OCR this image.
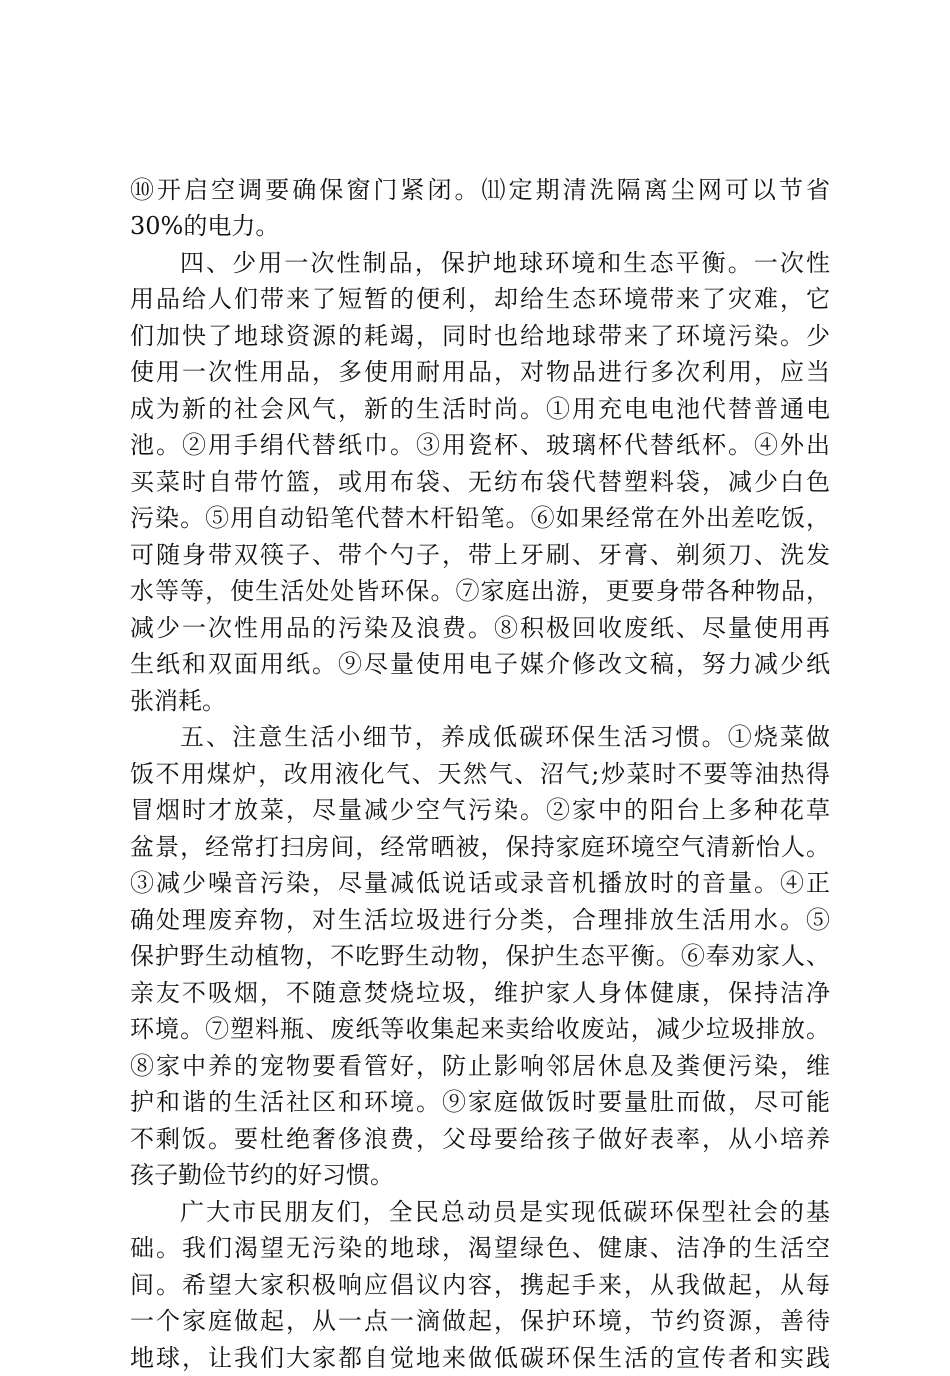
⑩开启空调要确保窗门紧闭。⑾定期清洗隔离尘网可以节省
30%的电力。
四、少用一次性制品，保护地球环境和生态平衡。一次性
用品给人们带来了短暂的便利，却给生态环境带来了灾难，它
们加快了地球资源的耗竭，同时也给地球带来了环境污染。少
使用一次性用品，多使用耐用品，对物品进行多次利用，应当
成为新的社会风气，新的生活时尚。①用充电电池代替普通电
池。②用手绢代替纸巾。③用瓷杯、玻璃杯代替纸杯。④外出
买菜时自带竹篮，或用布袋、无纺布袋代替塑料袋，减少白色
污染。⑤用自动铅笔代替木杆铅笔。⑥如果经常在外出差吃饭，
可随身带双筷子、带个勺子，带上牙刷、牙膏、剃须刀、洗发
水等等，使生活处处皆环保。⑦家庭出游，更要身带各种物品，
减少一次性用品的污染及浪费。⑧积极回收废纸、尽量使用再
生纸和双面用纸。⑨尽量使用电子媒介修改文稿，努力减少纸
张消耗。
五、注意生活小细节，养成低碳环保生活习惯。①烧菜做
饭不用煤炉，改用液化气、天然气、沼气;炒菜时不要等油热得
冒烟时才放菜，尽量减少空气污染。②家中的阳台上多种花草
盆景，经常打扫房间，经常晒被，保持家庭环境空气清新怡人。
③减少噪音污染，尽量减低说话或录音机播放时的音量。④正
确处理废弃物，对生活垃圾进行分类，合理排放生活用水。⑤
保护野生动植物，不吃野生动物，保护生态平衡。⑥奉劝家人、
亲友不吸烟，不随意焚烧垃圾，维护家人身体健康，保持洁净
环境。⑦塑料瓶、废纸等收集起来卖给收废站，减少垃圾排放。
⑧家中养的宠物要看管好，防止影响邻居休息及粪便污染，维
护和谐的生活社区和环境。⑨家庭做饭时要量肚而做，尽可能
不剩饭。要杜绝奢侈浪费，父母要给孩子做好表率，从小培养
孩子勤俭节约的好习惯。
广大市民朋友们，全民总动员是实现低碳环保型社会的基
础。我们渴望无污染的地球，渴望绿色、健康、洁净的生活空
间。希望大家积极响应倡议内容，携起手来，从我做起，从每
一个家庭做起，从一点一滴做起，保护环境，节约资源，善待
地球，让我们大家都自觉地来做低碳环保生活的宣传者和实践
